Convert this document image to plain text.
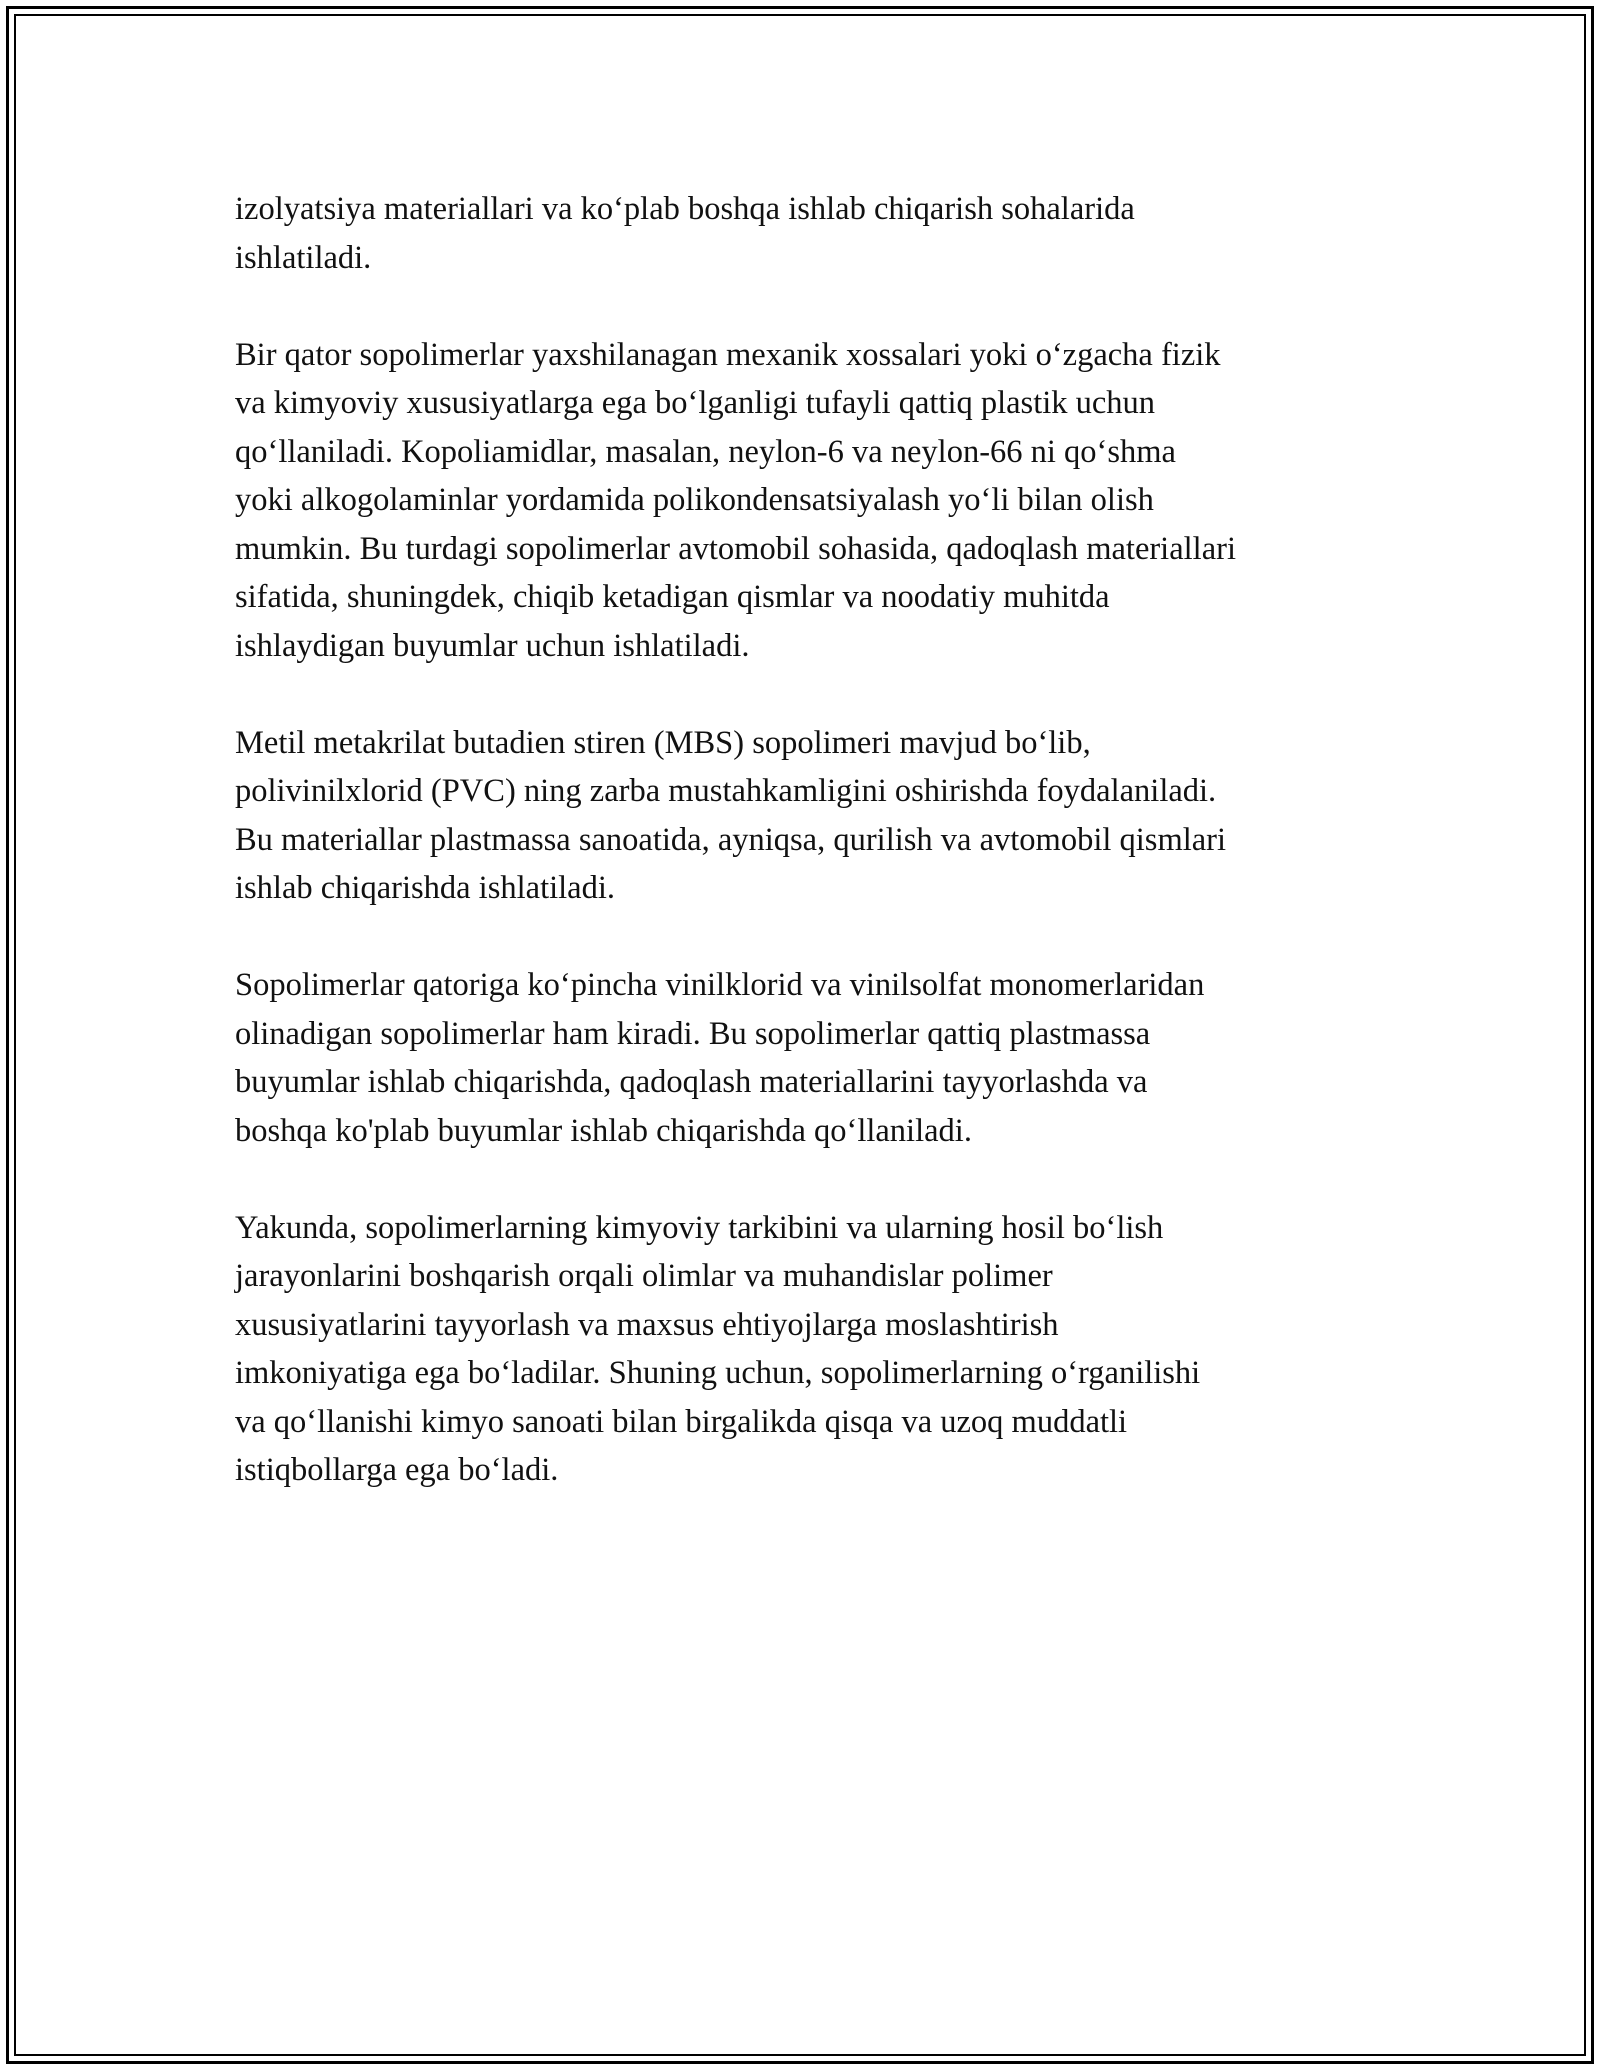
izolyatsiya materiallari va ko‘plab boshqa ishlab chiqarish sohalarida
ishlatiladi.

Bir qator sopolimerlar yaxshilanagan mexanik xossalari yoki o‘zgacha fizik
va kimyoviy xususiyatlarga ega bo‘lganligi tufayli qattiq plastik uchun
qo‘llaniladi. Kopoliamidlar, masalan, neylon-6 va neylon-66 ni qo‘shma
yoki alkogolaminlar yordamida polikondensatsiyalash yo‘li bilan olish
mumkin. Bu turdagi sopolimerlar avtomobil sohasida, qadoqlash materiallari
sifatida, shuningdek, chiqib ketadigan qismlar va noodatiy muhitda
ishlaydigan buyumlar uchun ishlatiladi.

Metil metakrilat butadien stiren (MBS) sopolimeri mavjud bo‘lib,
polivinilxlorid (PVC) ning zarba mustahkamligini oshirishda foydalaniladi.
Bu materiallar plastmassa sanoatida, ayniqsa, qurilish va avtomobil qismlari
ishlab chiqarishda ishlatiladi.

Sopolimerlar qatoriga ko‘pincha vinilklorid va vinilsolfat monomerlaridan
olinadigan sopolimerlar ham kiradi. Bu sopolimerlar qattiq plastmassa
buyumlar ishlab chiqarishda, qadoqlash materiallarini tayyorlashda va
boshqa ko'plab buyumlar ishlab chiqarishda qo‘llaniladi.

Yakunda, sopolimerlarning kimyoviy tarkibini va ularning hosil bo‘lish
jarayonlarini boshqarish orqali olimlar va muhandislar polimer
xususiyatlarini tayyorlash va maxsus ehtiyojlarga moslashtirish
imkoniyatiga ega bo‘ladilar. Shuning uchun, sopolimerlarning o‘rganilishi
va qo‘llanishi kimyo sanoati bilan birgalikda qisqa va uzoq muddatli
istiqbollarga ega bo‘ladi.
